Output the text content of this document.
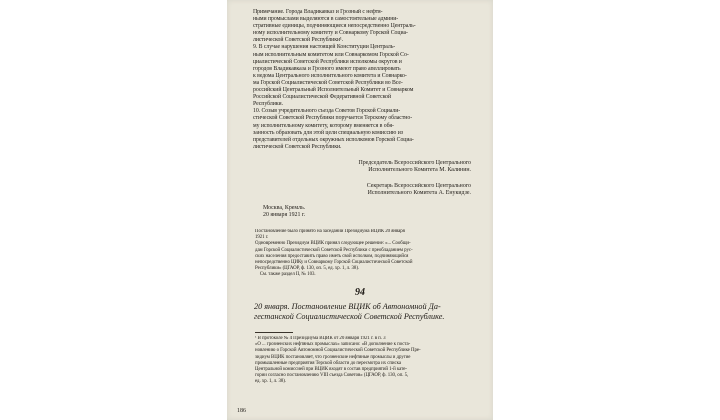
Примечание. Города Владикавказ и Грозный с нефтя-
ными промыслами выделяются в самостоятельные админи-
стративные единицы, подчиняющиеся непосредственно Централь-
ному исполнительному комитету и Совнаркому Горской Социа-
листической Советской Республики¹.
9. В случае нарушения настоящей Конституции Централь-
ным исполнительным комитетом или Совнаркомом Горской Со-
циалистической Советской Республики исполкомы округов и
городов Владикавказа и Грозного имеют право апеллировать
к ведома Центрального исполнительного комитета и Совнарко-
ма Горской Социалистической Советской Республики во Все-
российский Центральный Исполнительный Комитет и Совнарком
Российской Социалистической Федеративной Советской
Республики.
10. Созыв учредительного съезда Советов Горской Социали-
стической Советской Республики поручается Терскому областно-
му исполнительному комитету, которому вменяется в обя-
занность образовать для этой цели специальную комиссию из
представителей отдельных окружных исполкомов Горской Социа-
листической Советской Республики.

Председатель Всероссийского Центрального
Исполнительного Комитета М. Калинин.

Секретарь Всероссийского Центрального
Исполнительного Комитета А. Енукидзе.

Москва, Кремль.
20 января 1921 г.

Постановление было принято на заседании Президиума ВЦИК 20 января
1921 г.
Одновременно Президиум ВЦИК принял следующее решение: «... Сообщи-
дам Горской Социалистической Советской Республики с преобладанием рус-
ских населения предоставить право иметь свой исполком, подчиняющийся
непосредственно ЦИКу и Совнаркому Горской Социалистической Советской
Республики» (ЦГАОР, ф. 130, оп. 5, ед. хр. 1, л. 38).
См. также раздел II, № 103.

94

20 января. Постановление ВЦИК об Автономной Да-
гестанской Социалистической Советской Республике.

¹ В протоколе № 4 Президиума ВЦИК от 20 января 1921 г. в п. 3
«О ... грозненских нефтяных промыслах» записано: «В дополнение к поста-
новлению о Горской Автономной Социалистической Советской Республике Пре-
зидиум ВЦИК постановляет, что грозненские нефтяные промыслы и другие
промышленные предприятия Терской области до пересмотра их списка
Центральной комиссией при ВЦИК входят в состав предприятий 1-й кате-
гории согласно постановлению VIII съезда Советов» (ЦГАОР, ф. 130, оп. 5,
ед. хр. 1, л. 38).

186
